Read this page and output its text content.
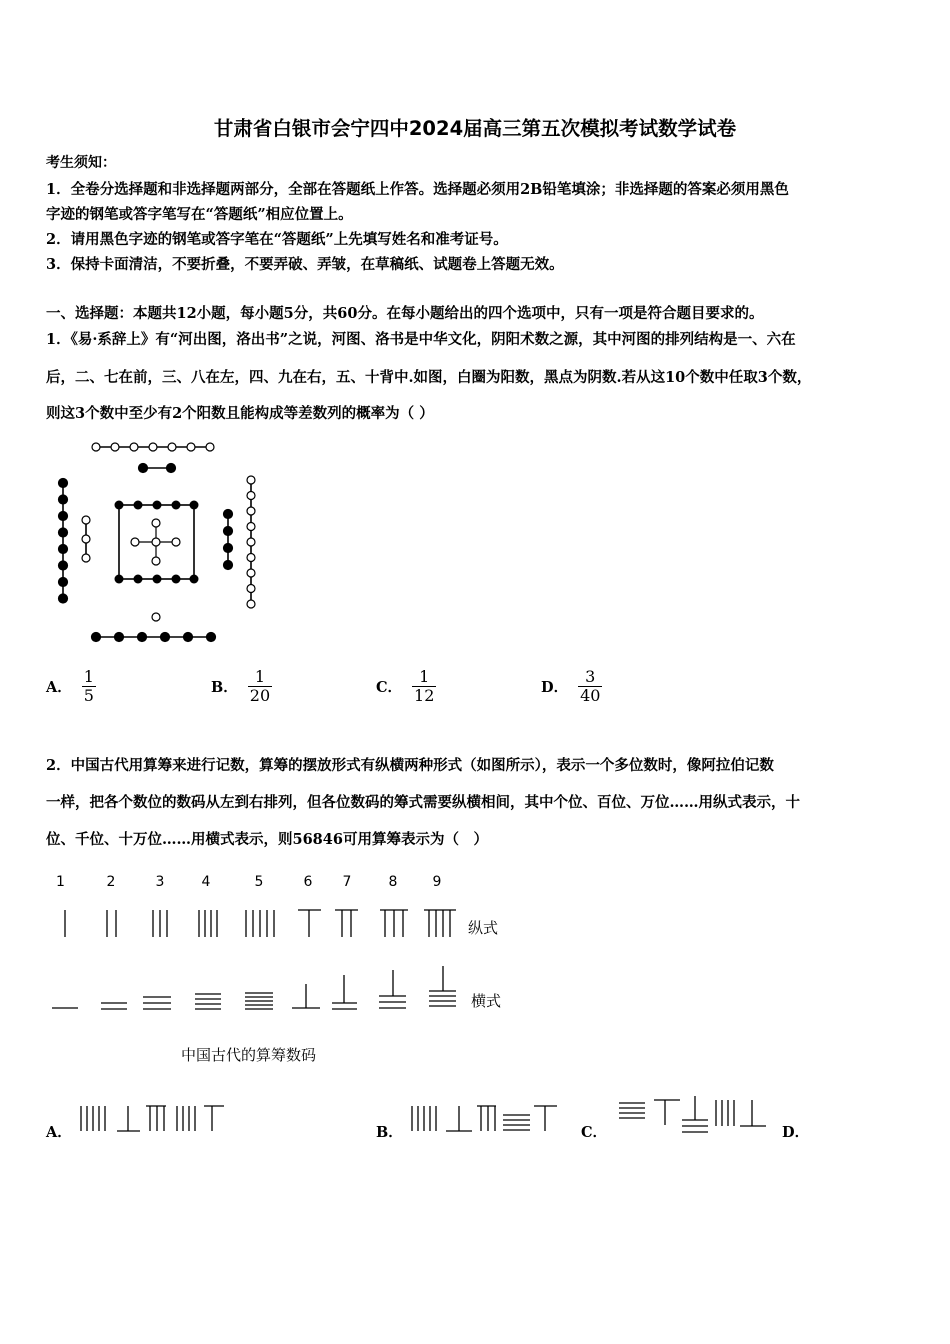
甘肃省白银市会宁四中2024届高三第五次模拟考试数学试卷
考生须知：
1．全卷分选择题和非选择题两部分，全部在答题纸上作答。选择题必须用2B铅笔填涂；非选择题的答案必须用黑色
字迹的钢笔或答字笔写在“答题纸”相应位置上。
2．请用黑色字迹的钢笔或答字笔在“答题纸”上先填写姓名和准考证号。
3．保持卡面清洁，不要折叠，不要弄破、弄皱，在草稿纸、试题卷上答题无效。
一、选择题：本题共12小题，每小题5分，共60分。在每小题给出的四个选项中，只有一项是符合题目要求的。
1．《易·系辞上》有“河出图，洛出书”之说，河图、洛书是中华文化，阴阳术数之源，其中河图的排列结构是一、六在
后，二、七在前，三、八在左，四、九在右，五、十背中.如图，白圈为阳数，黑点为阴数.若从这10个数中任取3个数，
则这3个数中至少有2个阳数且能构成等差数列的概率为（ ）
A． $\frac{1}{5}$	B． $\frac{1}{20}$	C． $\frac{1}{12}$	D． $\frac{3}{40}$
2．中国古代用算筹来进行记数，算筹的摆放形式有纵横两种形式（如图所示），表示一个多位数时，像阿拉伯记数
一样，把各个数位的数码从左到右排列，但各位数码的筹式需要纵横相间，其中个位、百位、万位……用纵式表示，十
位、千位、十万位……用横式表示，则56846可用算筹表示为（　）
1	2	3	4	5	6 7	8	9
纵式
横式
中国古代的算筹数码
A．	B．	C．	D．
